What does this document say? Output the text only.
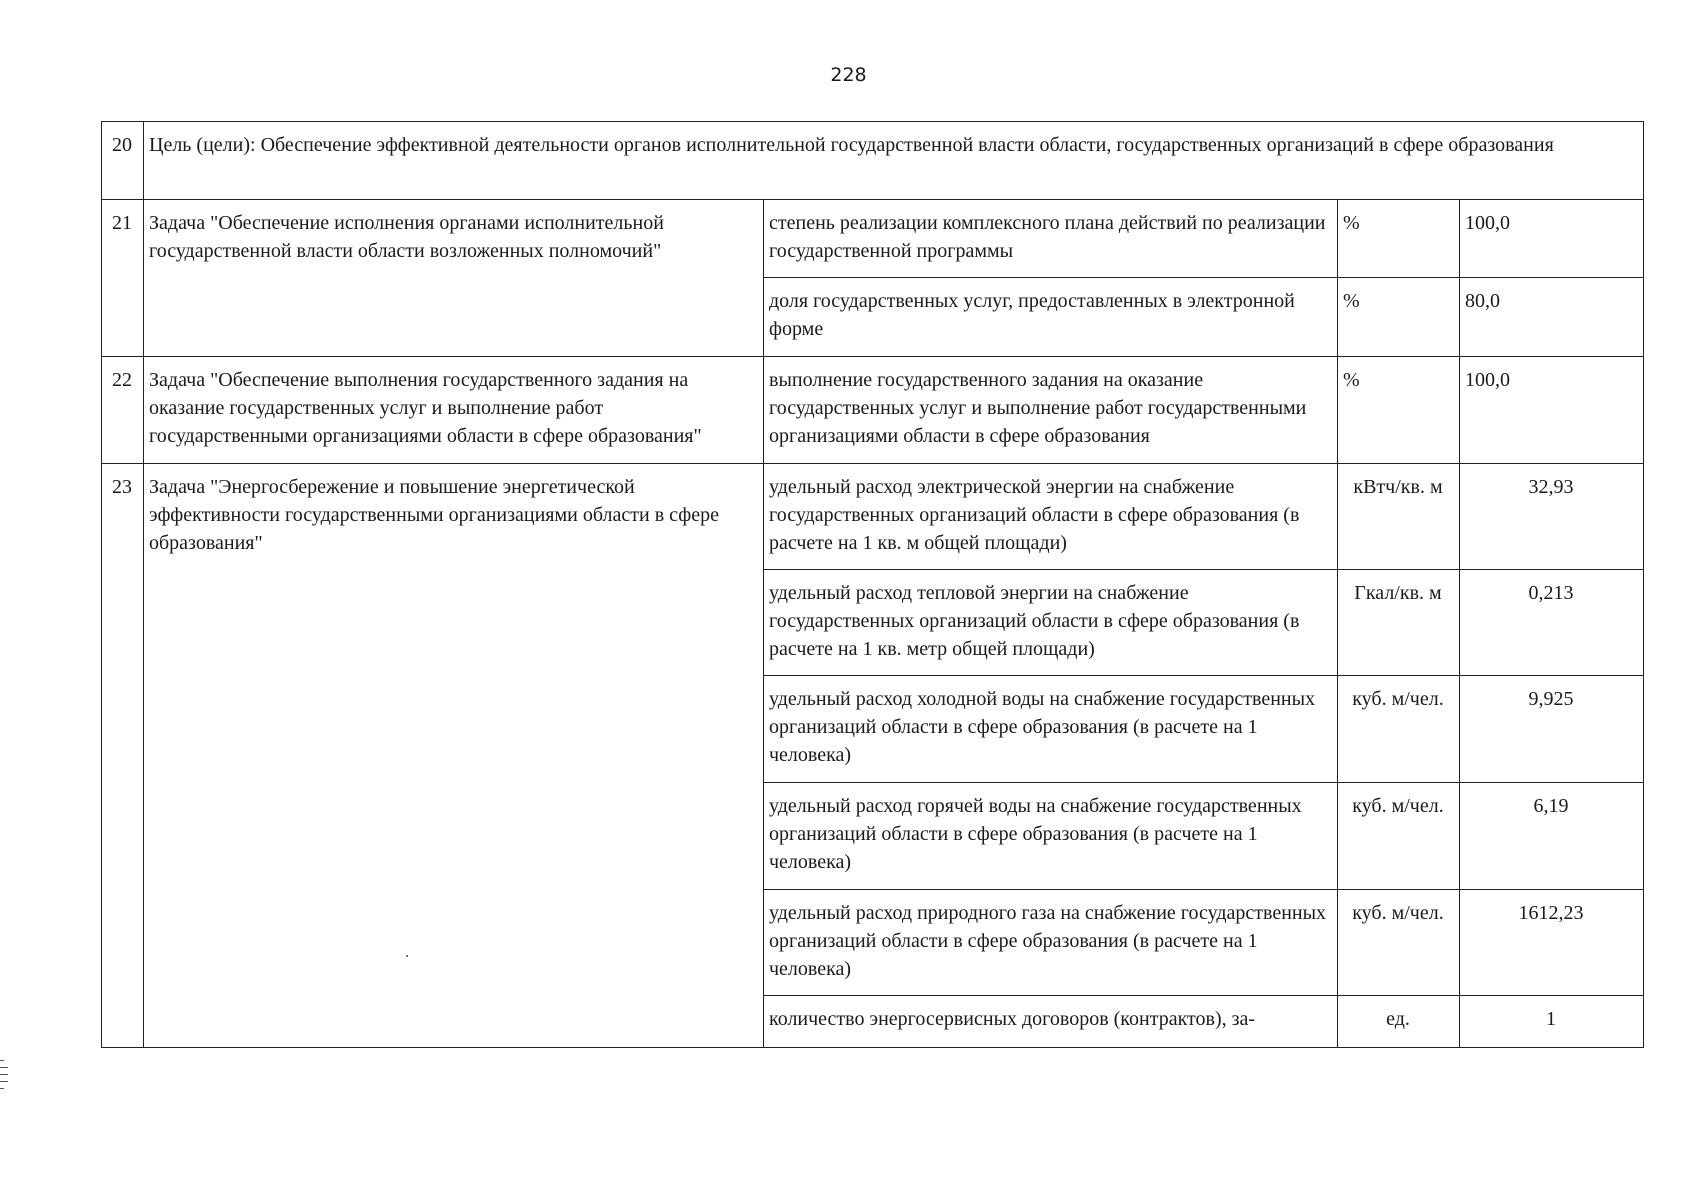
228
20	Цель (цели): Обеспечение эффективной деятельности органов исполнительной государственной власти области, государственных организаций в сфере образования			
21	Задача "Обеспечение исполнения органами исполнительной государственной власти области возложенных полномочий"	степень реализации комплексного плана действий по реализации государственной программы	%	100,0
		доля государственных услуг, предоставленных в электронной форме	%	80,0
22	Задача "Обеспечение выполнения государственного задания на оказание государственных услуг и выполнение работ государственными организациями области в сфере образования"	выполнение государственного задания на оказание государственных услуг и выполнение работ государственными организациями области в сфере образования	%	100,0
23	Задача "Энергосбережение и повышение энергетической эффективности государственными организациями области в сфере образования"	удельный расход электрической энергии на снабжение государственных организаций области в сфере образования (в расчете на 1 кв. м общей площади)	кВтч/кв. м	32,93
		удельный расход тепловой энергии на снабжение государственных организаций области в сфере образования (в расчете на 1 кв. метр общей площади)	Гкал/кв. м	0,213
		удельный расход холодной воды на снабжение государственных организаций области в сфере образования (в расчете на 1 человека)	куб. м/чел.	9,925
		удельный расход горячей воды на снабжение государственных организаций области в сфере образования (в расчете на 1 человека)	куб. м/чел.	6,19
		удельный расход природного газа на снабжение государственных организаций области в сфере образования (в расчете на 1 человека)	куб. м/чел.	1612,23
		количество энергосервисных договоров (контрактов), за-	ед.	1
